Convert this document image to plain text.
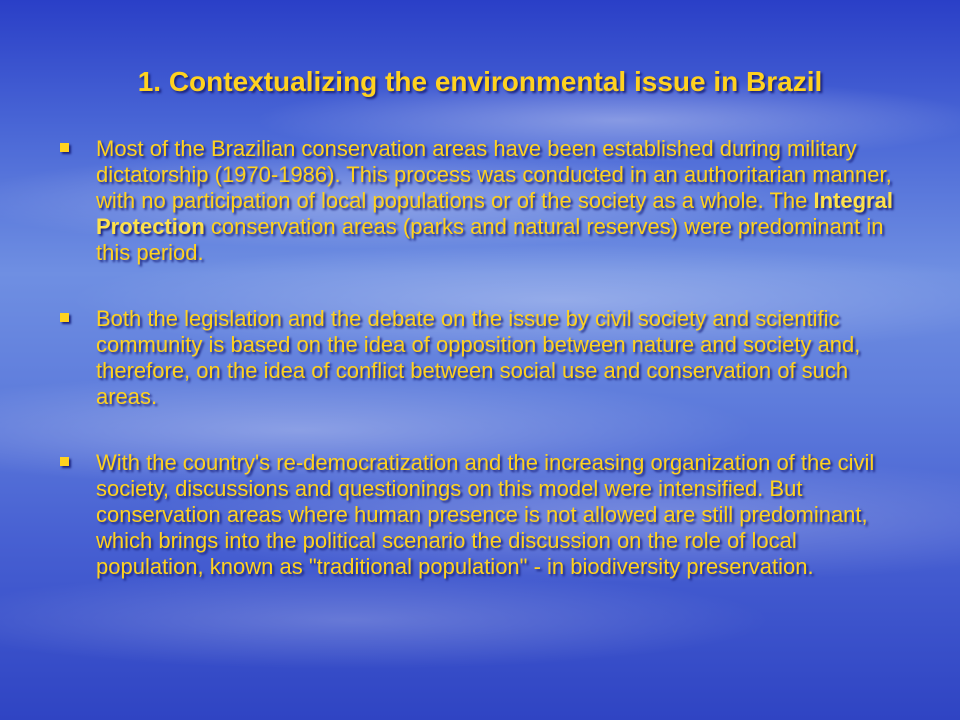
1. Contextualizing the environmental issue in Brazil
Most of the Brazilian conservation areas have been established during military dictatorship (1970-1986). This process was conducted in an authoritarian manner, with no participation of local populations or of the society as a whole. The Integral Protection conservation areas (parks and natural reserves) were predominant in this period.
Both the legislation and the debate on the issue by civil society and scientific community is based on the idea of opposition between nature and society and, therefore, on the idea of conflict between social use and conservation of such areas.
With the country's re-democratization and the increasing organization of the civil society, discussions and questionings on this model were intensified. But conservation areas where human presence is not allowed are still predominant, which brings into the political scenario the discussion on the role of local population, known as "traditional population" - in biodiversity preservation.
